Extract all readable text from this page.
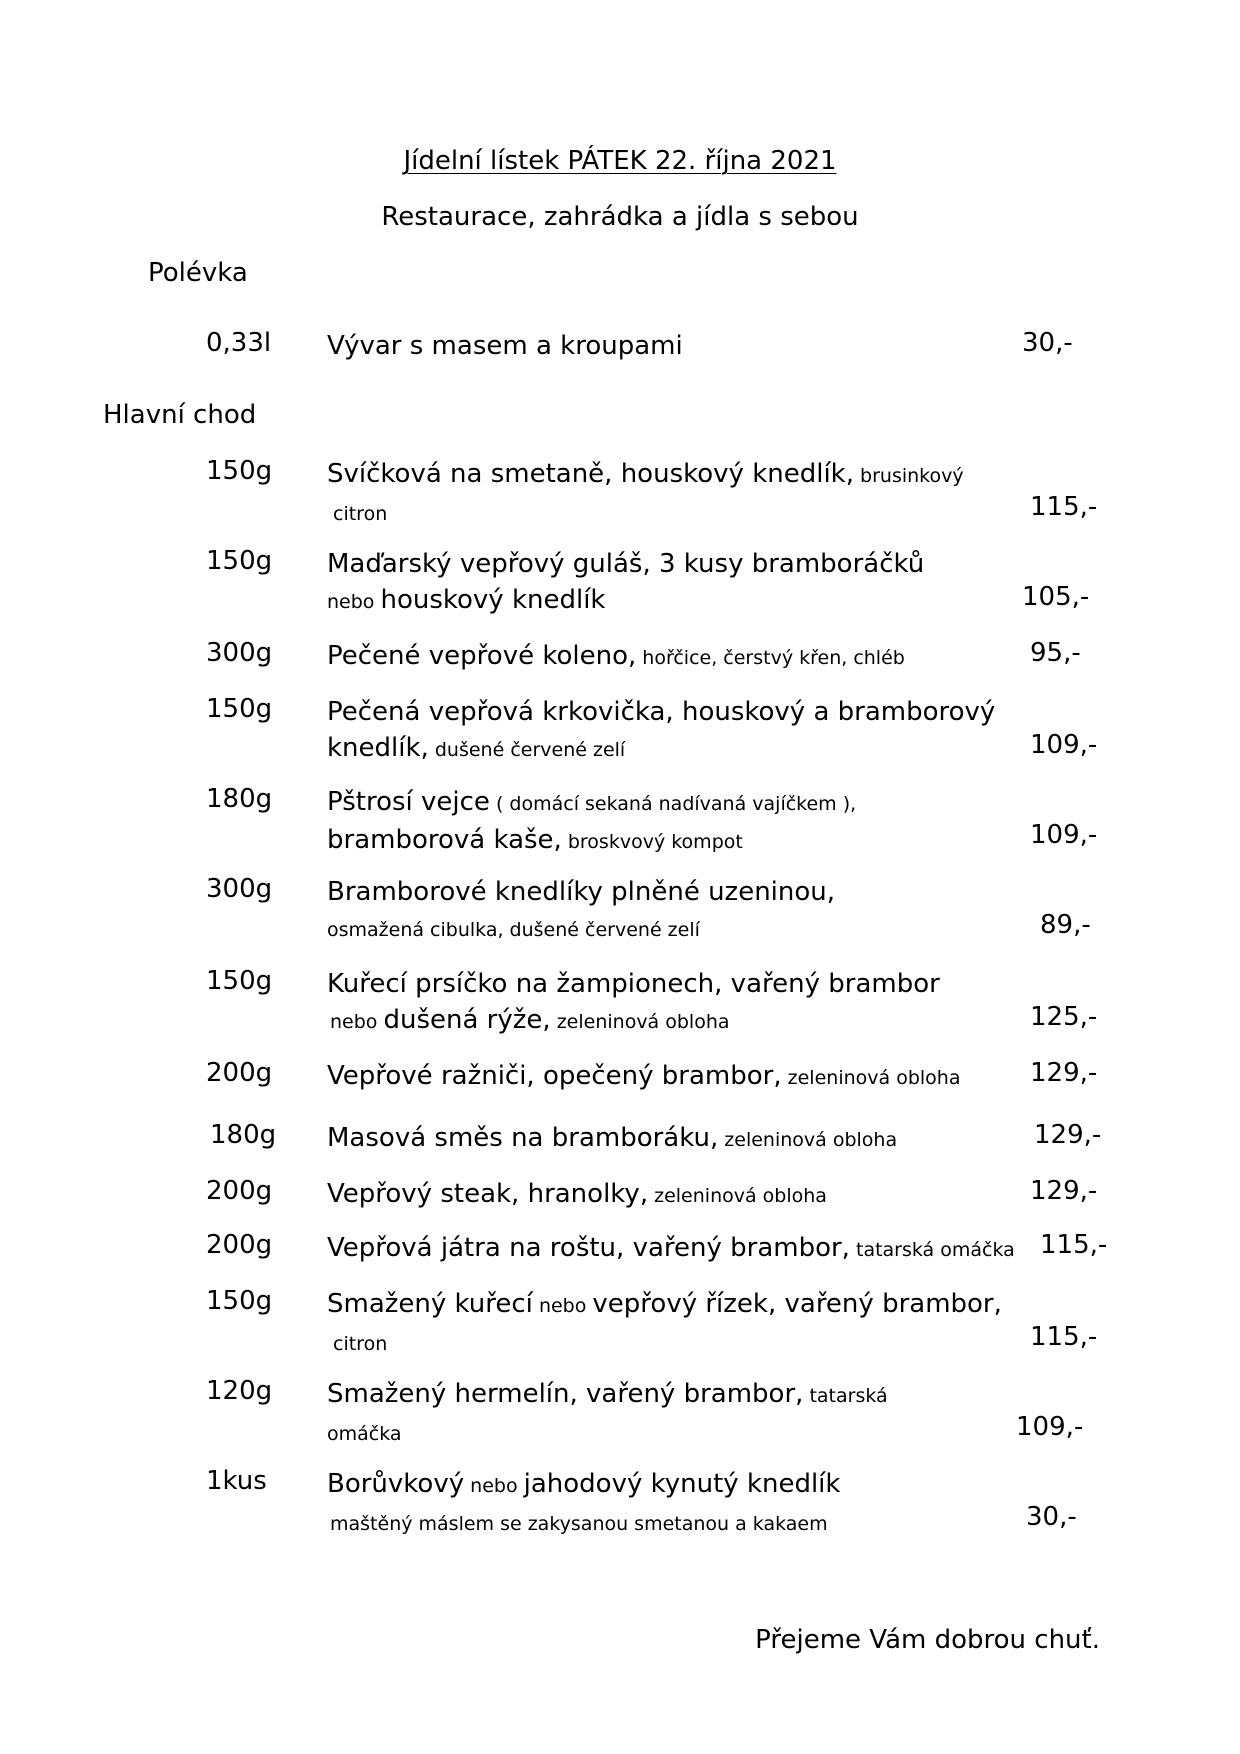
Jídelní lístek PÁTEK 22. října 2021
Restaurace, zahrádka a jídla s sebou
Polévka
0,33l Vývar s masem a kroupami	30,-
Hlavní chod
150g Svíčková na smetaně, houskový knedlík, brusinkový
citron	115,-
150g Maďarský vepřový guláš, 3 kusy bramboráčků
nebo houskový knedlík	105,-
300g Pečené vepřové koleno, hořčice, čerstvý křen, chléb	95,-
150g Pečená vepřová krkovička, houskový a bramborový
knedlík, dušené červené zelí	109,-
180g Pštrosí vejce ( domácí sekaná nadívaná vajíčkem ),
bramborová kaše, broskvový kompot	109,-
300g Bramborové knedlíky plněné uzeninou,
osmažená cibulka, dušené červené zelí	89,-
150g Kuřecí prsíčko na žampionech, vařený brambor
nebo dušená rýže, zeleninová obloha	125,-
200g Vepřové ražniči, opečený brambor, zeleninová obloha	129,-
180g Masová směs na bramboráku, zeleninová obloha	129,-
200g Vepřový steak, hranolky, zeleninová obloha	129,-
200g Vepřová játra na roštu, vařený brambor, tatarská omáčka 115,-
150g Smažený kuřecí nebo vepřový řízek, vařený brambor,
citron	115,-
120g Smažený hermelín, vařený brambor, tatarská
omáčka	109,-
1kus Borůvkový nebo jahodový kynutý knedlík
maštěný máslem se zakysanou smetanou a kakaem	30,-
Přejeme Vám dobrou chuť.
